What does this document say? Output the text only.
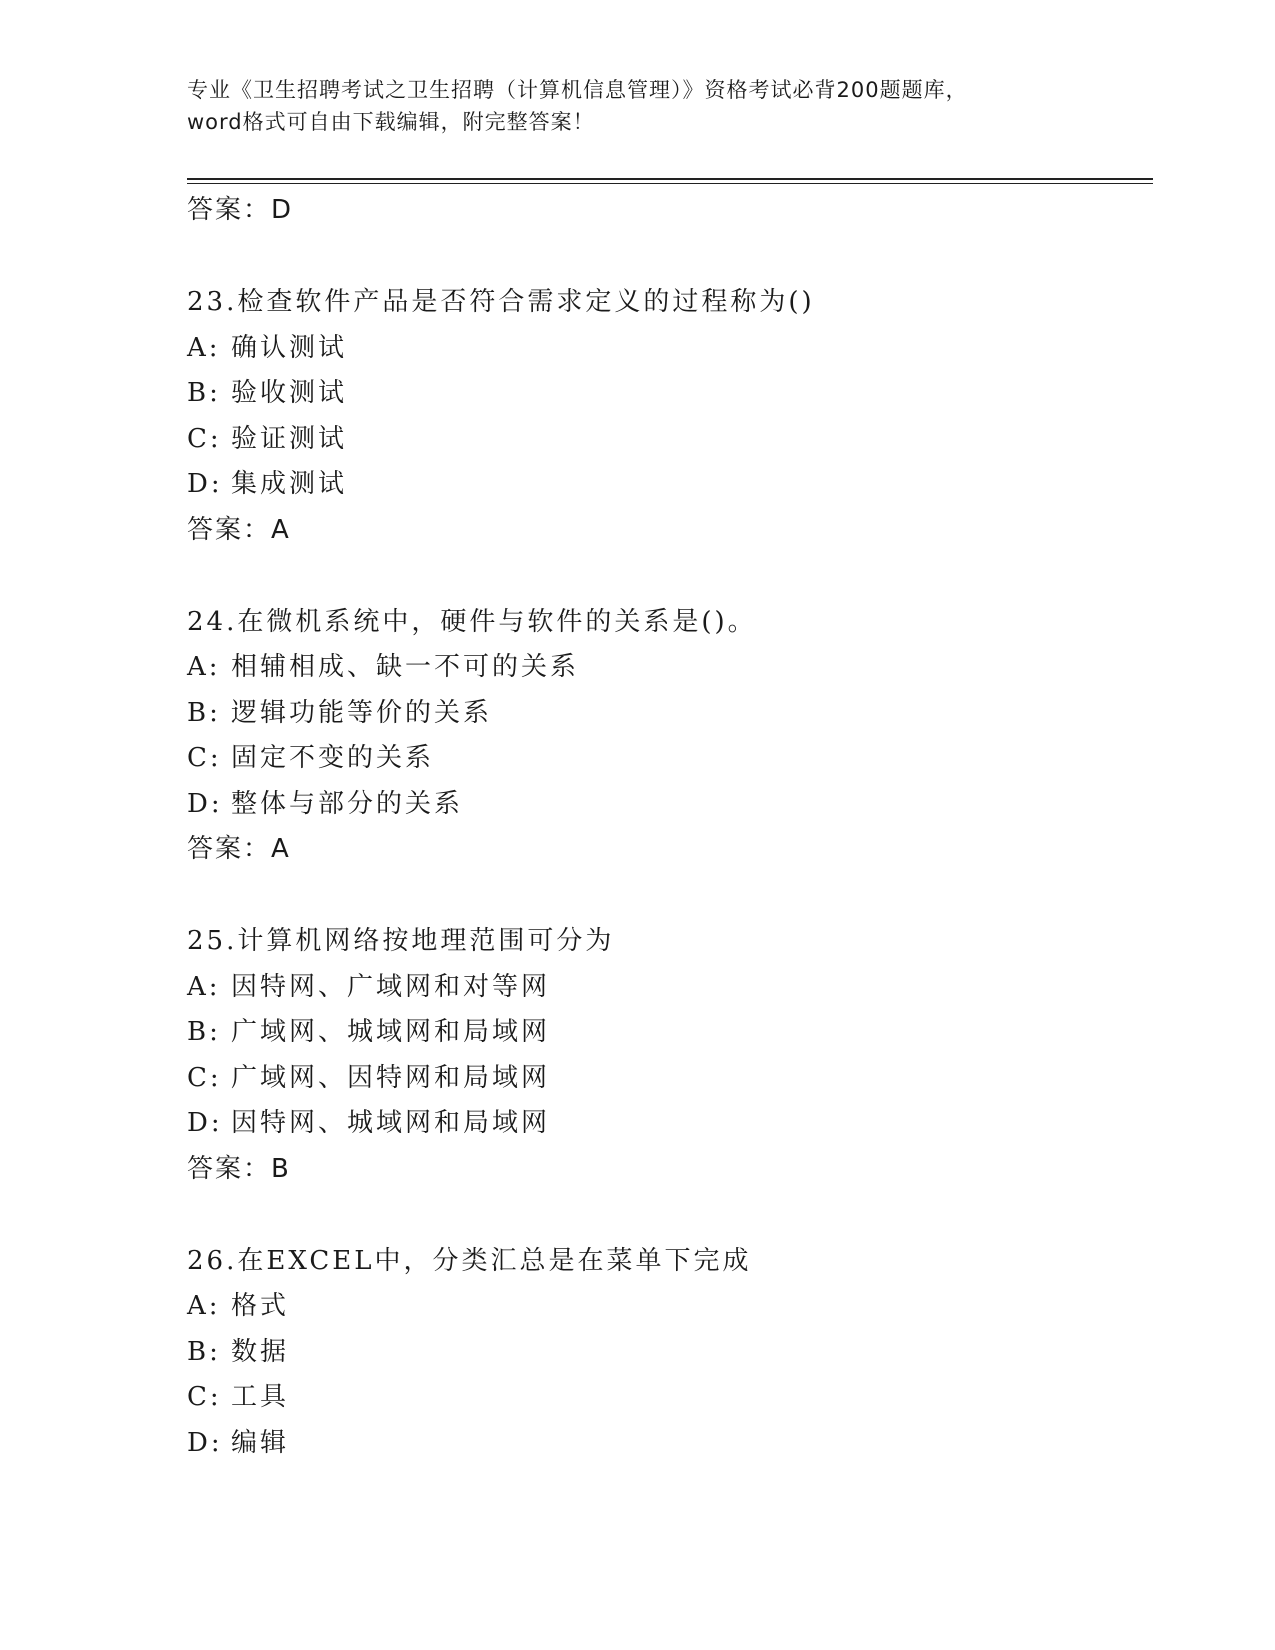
专业《卫生招聘考试之卫生招聘（计算机信息管理）》资格考试必背200题题库，
word格式可自由下载编辑，附完整答案！
答案：D
23.检查软件产品是否符合需求定义的过程称为()
A: 确认测试
B: 验收测试
C: 验证测试
D: 集成测试
答案：A
24.在微机系统中，硬件与软件的关系是()。
A: 相辅相成、缺一不可的关系
B: 逻辑功能等价的关系
C: 固定不变的关系
D: 整体与部分的关系
答案：A
25.计算机网络按地理范围可分为
A: 因特网、广域网和对等网
B: 广域网、城域网和局域网
C: 广域网、因特网和局域网
D: 因特网、城域网和局域网
答案：B
26.在EXCEL中，分类汇总是在菜单下完成
A: 格式
B: 数据
C: 工具
D: 编辑
